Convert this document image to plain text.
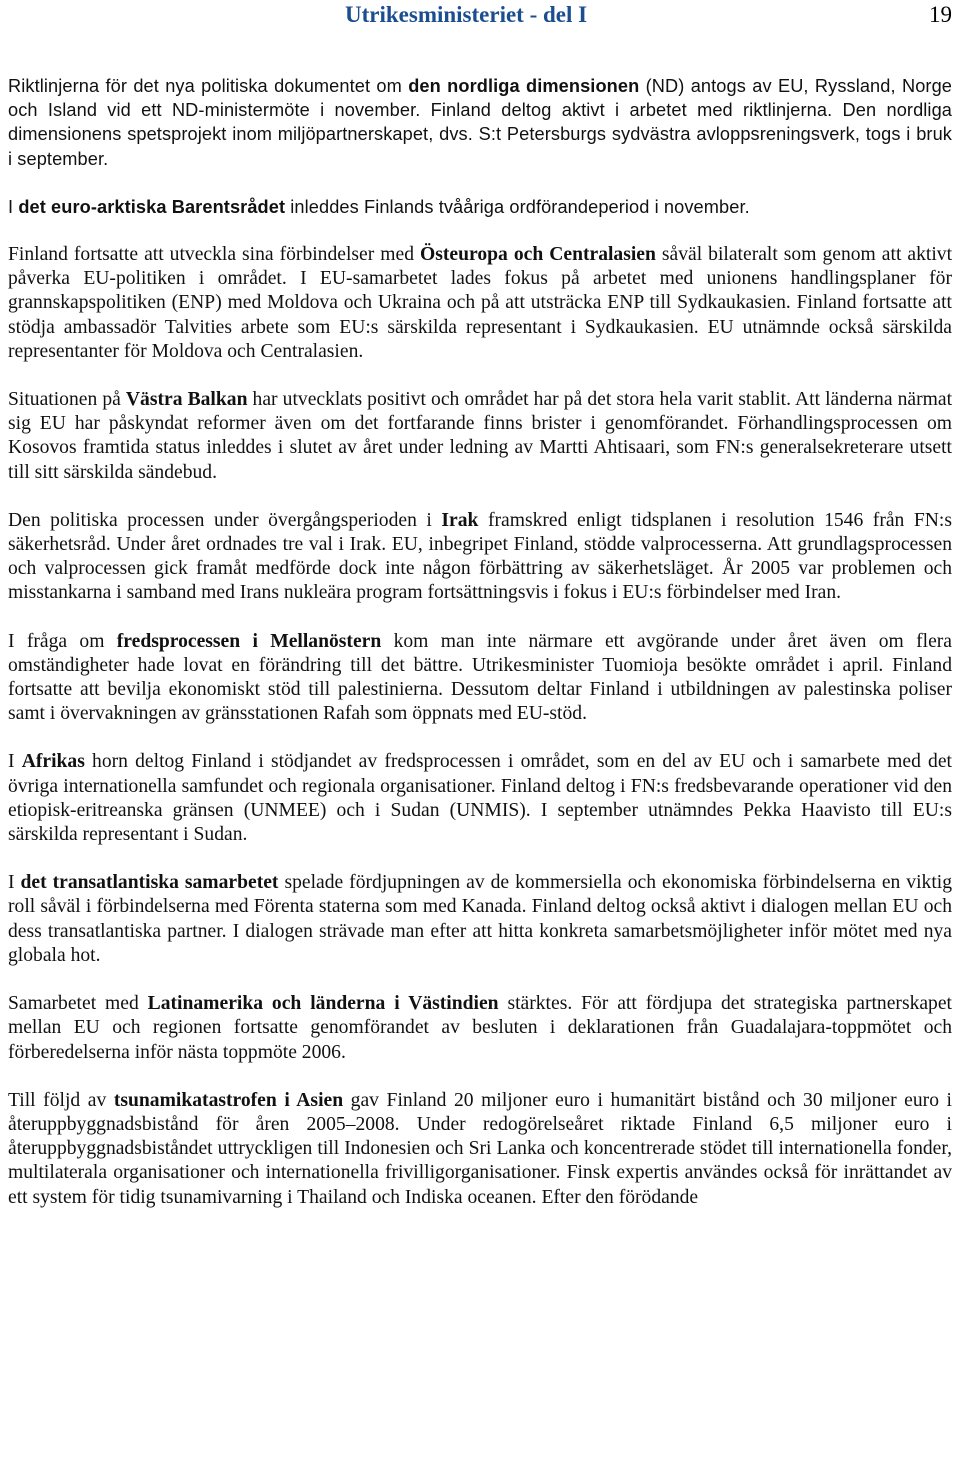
Utrikesministeriet - del I	19

Riktlinjerna för det nya politiska dokumentet om den nordliga dimensionen (ND) antogs av EU, Ryssland, Norge och Island vid ett ND-ministermöte i november. Finland deltog aktivt i arbetet med riktlinjerna. Den nordliga dimensionens spetsprojekt inom miljöpartnerskapet, dvs. S:t Petersburgs sydvästra avloppsreningsverk, togs i bruk i september.

I det euro-arktiska Barentsrådet inleddes Finlands tvååriga ordförandeperiod i november.

Finland fortsatte att utveckla sina förbindelser med Östeuropa och Centralasien såväl bilateralt som genom att aktivt påverka EU-politiken i området. I EU-samarbetet lades fokus på arbetet med unionens handlingsplaner för grannskapspolitiken (ENP) med Moldova och Ukraina och på att utsträcka ENP till Sydkaukasien. Finland fortsatte att stödja ambassadör Talvities arbete som EU:s särskilda representant i Sydkaukasien. EU utnämnde också särskilda representanter för Moldova och Centralasien.

Situationen på Västra Balkan har utvecklats positivt och området har på det stora hela varit stablit. Att länderna närmat sig EU har påskyndat reformer även om det fortfarande finns brister i genomförandet. Förhandlingsprocessen om Kosovos framtida status inleddes i slutet av året under ledning av Martti Ahtisaari, som FN:s generalsekreterare utsett till sitt särskilda sändebud.

Den politiska processen under övergångsperioden i Irak framskred enligt tidsplanen i resolution 1546 från FN:s säkerhetsråd. Under året ordnades tre val i Irak. EU, inbegripet Finland, stödde valprocesserna. Att grundlagsprocessen och valprocessen gick framåt medförde dock inte någon förbättring av säkerhetsläget. År 2005 var problemen och misstankarna i samband med Irans nukleära program fortsättningsvis i fokus i EU:s förbindelser med Iran.

I fråga om fredsprocessen i Mellanöstern kom man inte närmare ett avgörande under året även om flera omständigheter hade lovat en förändring till det bättre. Utrikesminister Tuomioja besökte området i april. Finland fortsatte att bevilja ekonomiskt stöd till palestinierna. Dessutom deltar Finland i utbildningen av palestinska poliser samt i övervakningen av gränsstationen Rafah som öppnats med EU-stöd.

I Afrikas horn deltog Finland i stödjandet av fredsprocessen i området, som en del av EU och i samarbete med det övriga internationella samfundet och regionala organisationer. Finland deltog i FN:s fredsbevarande operationer vid den etiopisk-eritreanska gränsen (UNMEE) och i Sudan (UNMIS). I september utnämndes Pekka Haavisto till EU:s särskilda representant i Sudan.

I det transatlantiska samarbetet spelade fördjupningen av de kommersiella och ekonomiska förbindelserna en viktig roll såväl i förbindelserna med Förenta staterna som med Kanada. Finland deltog också aktivt i dialogen mellan EU och dess transatlantiska partner. I dialogen strävade man efter att hitta konkreta samarbetsmöjligheter inför mötet med nya globala hot.

Samarbetet med Latinamerika och länderna i Västindien stärktes. För att fördjupa det strategiska partnerskapet mellan EU och regionen fortsatte genomförandet av besluten i deklarationen från Guadalajara-toppmötet och förberedelserna inför nästa toppmöte 2006.

Till följd av tsunamikatastrofen i Asien gav Finland 20 miljoner euro i humanitärt bistånd och 30 miljoner euro i återuppbyggnadsbistånd för åren 2005–2008. Under redogörelseåret riktade Finland 6,5 miljoner euro i återuppbyggnadsbiståndet uttryckligen till Indonesien och Sri Lanka och koncentrerade stödet till internationella fonder, multilaterala organisationer och internationella frivilligorganisationer. Finsk expertis användes också för inrättandet av ett system för tidig tsunamivarning i Thailand och Indiska oceanen. Efter den förödande
